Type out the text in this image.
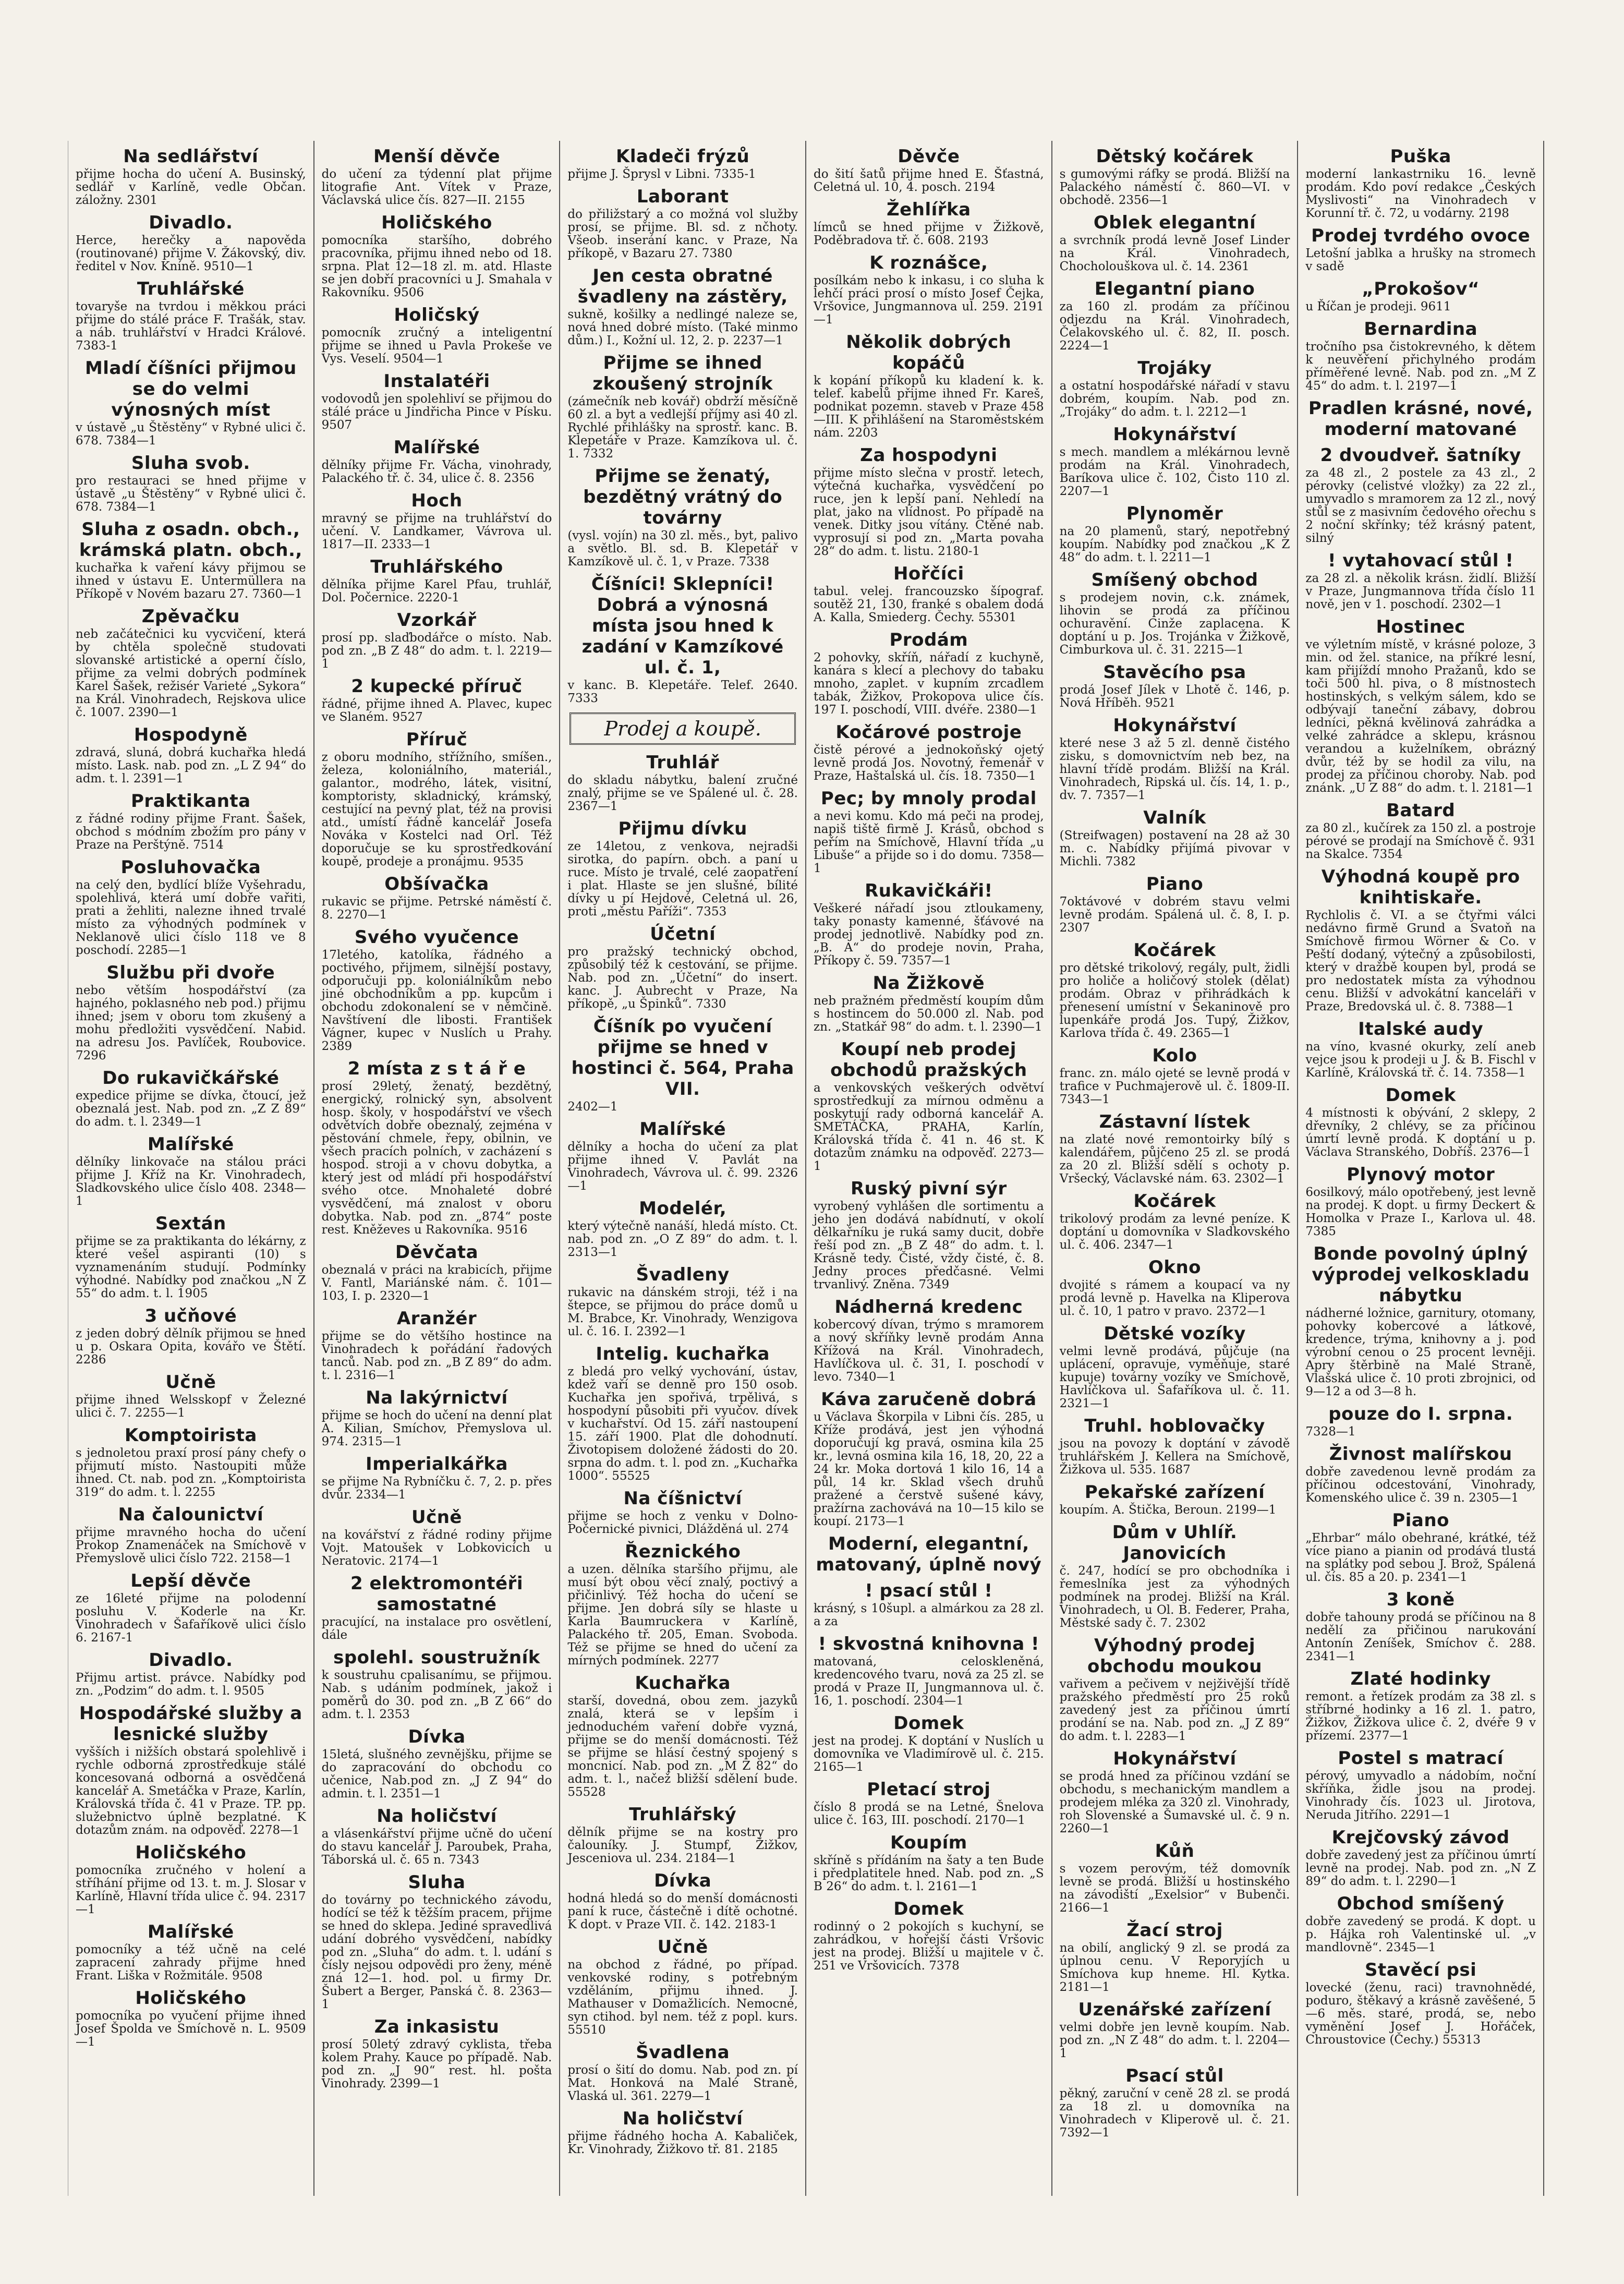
Na sedlářství
přijme hocha do učení A. Businský, sedlář v Karlíně, vedle Občan. záložny. 2301
Divadlo.
Herce, herečky a napověda (routinované) přijme V. Žákovský, div. ředitel v Nov. Kníně. 9510—1
Truhlářské
tovaryše na tvrdou i měkkou práci přijme do stálé práce F. Trašák, stav. a náb. truhlářství v Hradci Králové. 7383-1
Mladí číšníci přijmou se do velmi výnosných míst
v ústavě „u Štěstěny“ v Rybné ulici č. 678. 7384—1
Sluha svob.
pro restauraci se hned přijme v ústavě „u Štěstěny“ v Rybné ulici č. 678. 7384—1
Sluha z osadn. obch., krámská platn. obch.,
kuchařka k vaření kávy přijmou se ihned v ústavu E. Untermüllera na Příkopě v Novém bazaru 27. 7360—1
Zpěvačku
neb začátečnici ku vycvičení, která by chtěla společně studovati slovanské artistické a operní číslo, přijme za velmi dobrých podmínek Karel Šašek, režisér Varieté „Sykora“ na Král. Vinohradech, Rejskova ulice č. 1007. 2390—1
Hospodyně
zdravá, sluná, dobrá kuchařka hledá místo. Lask. nab. pod zn. „L Z 94“ do adm. t. l. 2391—1
Praktikanta
z řádné rodiny přijme Frant. Šašek, obchod s módním zbožím pro pány v Praze na Perštýně. 7514
Posluhovačka
na celý den, bydlící blíže Vyšehradu, spolehlivá, která umí dobře vařiti, prati a žehliti, nalezne ihned trvalé místo za výhodných podmínek v Neklanově ulici číslo 118 ve 8 poschodí. 2285—1
Službu při dvoře
nebo větším hospodářství (za hajného, poklasného neb pod.) přijmu ihned; jsem v oboru tom zkušený a mohu předložiti vysvědčení. Nabid. na adresu Jos. Pavlíček, Roubovice. 7296
Do rukavičkářské
expedice přijme se dívka, čtoucí, jež obeznalá jest. Nab. pod zn. „Z Z 89“ do adm. t. l. 2349—1
Malířské
dělníky linkovače na stálou práci přijme J. Kříž na Kr. Vinohradech, Sladkovského ulice číslo 408. 2348—1
Sextán
přijme se za praktikanta do lékárny, z které vešel aspiranti (10) s vyznamenáním studují. Podmínky výhodné. Nabídky pod značkou „N Z 55“ do adm. t. l. 1905
3 učňové
z jeden dobrý dělník přijmou se hned u p. Oskara Opita, kovářo ve Štětí. 2286
Učně
přijme ihned Welsskopf v Železné ulici č. 7. 2255—1
Komptoirista
s jednoletou praxí prosí pány chefy o přijmutí místo. Nastoupiti může ihned. Ct. nab. pod zn. „Komptoirista 319“ do adm. t. l. 2255
Na čalounictví
přijme mravného hocha do učení Prokop Znamenáček na Smíchově v Přemyslově ulici číslo 722. 2158—1
Lepší děvče
ze 16leté přijme na polodenní posluhu V. Koderle na Kr. Vinohradech v Šafaříkově ulici číslo 6. 2167-1
Divadlo.
Přijmu artist. právce. Nabídky pod zn. „Podzim“ do adm. t. l. 9505
Hospodářské služby a lesnické služby
vyšších i nižších obstará spolehlivě i rychle odborná zprostředkuje stálé koncesovaná odborná a osvědčená kancelář A. Smetáčka v Praze, Karlín, Královská třída č. 41 v Praze. TP. pp. služebnictvo úplně bezplatné. K dotazům znám. na odpověď. 2278—1
Holičského
pomocníka zručného v holení a stříhání přijme od 13. t. m. J. Slosar v Karlíně, Hlavní třída ulice č. 94. 2317—1
Malířské
pomocníky a též učně na celé zapracení zahrady přijme hned Frant. Liška v Rožmitále. 9508
Holičského
pomocníka po vyučení přijme ihned Josef Špolda ve Smíchově n. L. 9509—1
Menší děvče
do učení za týdenní plat přijme litografie Ant. Vítek v Praze, Václavská ulice čís. 827—II. 2155
Holičského
pomocníka staršího, dobrého pracovníka, přijmu ihned nebo od 18. srpna. Plat 12—18 zl. m. atd. Hlaste se jen dobří pracovníci u J. Smahala v Rakovníku. 9506
Holičský
pomocník zručný a inteligentní přijme se ihned u Pavla Prokeše ve Vys. Veselí. 9504—1
Instalatéři
vodovodů jen spolehliví se přijmou do stálé práce u Jindřicha Pince v Písku. 9507
Malířské
dělníky přijme Fr. Vácha, vinohrady, Palackého tř. č. 34, ulice č. 8. 2356
Hoch
mravný se přijme na truhlářství do učení. V. Landkamer, Vávrova ul. 1817—II. 2333—1
Truhlářského
dělníka přijme Karel Pfau, truhlář, Dol. Počernice. 2220-1
Vzorkář
prosí pp. slaďbodářce o místo. Nab. pod zn. „B Z 48“ do adm. t. l. 2219—1
2 kupecké příruč
řádné, přijme ihned A. Plavec, kupec ve Slaném. 9527
Příruč
z oboru modního, střížního, smíšen., železa, koloniálního, materiál., galantor., modrého, látek, visitní, komptoristy, skladnický, krámský, cestující na pevný plat, též na provisi atd., umístí řádně kancelář Josefa Nováka v Kostelci nad Orl. Též doporučuje se ku sprostředkování koupě, prodeje a pronájmu. 9535
Obšívačka
rukavic se přijme. Petrské náměstí č. 8. 2270—1
Svého vyučence
17letého, katolíka, řádného a poctivého, přijmem, silnější postavy, odporučuji pp. koloniálníkům nebo jiné obchodníkům a pp. kupcům i obchodu zdokonalení se v němčině. Navštívení dle libosti. František Vágner, kupec v Nuslích u Prahy. 2389
2 místa z s t á ř e
prosí 29letý, ženatý, bezdětný, energický, rolnický syn, absolvent hosp. školy, v hospodářství ve všech odvětvích dobře obeznalý, zejména v pěstování chmele, řepy, obilnin, ve všech pracích polních, v zacházení s hospod. stroji a v chovu dobytka, a který jest od mládí při hospodářství svého otce. Mnohaleté dobré vysvědčení, má znalost v oboru dobytka. Nab. pod zn. „874“ poste rest. Kněževes u Rakovníka. 9516
Děvčata
obeznalá v práci na krabicích, přijme V. Fantl, Mariánské nám. č. 101—103, I. p. 2320—1
Aranžér
přijme se do většího hostince na Vinohradech k pořádání řadových tanců. Nab. pod zn. „B Z 89“ do adm. t. l. 2316—1
Na lakýrnictví
přijme se hoch do učení na denní plat A. Kilian, Smíchov, Přemyslova ul. 974. 2315—1
Imperialkářka
se přijme Na Rybníčku č. 7, 2. p. přes dvůr. 2334—1
Učně
na kovářství z řádné rodiny přijme Vojt. Matoušek v Lobkovicích u Neratovic. 2174—1
2 elektromontéři samostatné
pracující, na instalace pro osvětlení, dále
spolehl. soustružník
k soustruhu cpalisanímu, se přijmou. Nab. s udáním podmínek, jakož i poměrů do 30. pod zn. „B Z 66“ do adm. t. l. 2353
Dívka
15letá, slušného zevnějšku, přijme se do zapracování do obchodu co učenice, Nab.pod zn. „J Z 94“ do admin. t. l. 2351—1
Na holičství
a vlásenkářství přijme učně do učení do stavu kancelář J. Paroubek, Praha, Táborská ul. č. 65 n. 7343
Sluha
do továrny po technického závodu, hodící se též k těžším pracem, přijme se hned do sklepa. Jediné spravedlivá udání dobrého vysvědčení, nabídky pod zn. „Sluha“ do adm. t. l. udání s čísly nejsou odpovědi pro ženy, méně zná 12—1. hod. pol. u firmy Dr. Šubert a Berger, Panská č. 8. 2363—1
Za inkasistu
prosí 50letý zdravý cyklista, třeba kolem Prahy. Kauce po případě. Nab. pod zn. „J 90“ rest. hl. pošta Vinohrady. 2399—1
Kladeči frýzů
přijme J. Šprysl v Libni. 7335-1
Laborant
do přiližstarý a co možná vol služby prosí, se přijme. Bl. sd. z nčhoty. Všeob. inserání kanc. v Praze, Na příkopě, v Bazaru 27. 7380
Jen cesta obratné švadleny na zástěry,
sukně, košilky a nedlingé naleze se, nová hned dobré místo. (Také minmo dům.) I., Kožní ul. 12, 2. p. 2237—1
Přijme se ihned zkoušený strojník
(zámečník neb kovář) obdrží měsíčně 60 zl. a byt a vedlejší příjmy asi 40 zl. Rychlé přihlášky na sprostř. kanc. B. Klepetáře v Praze. Kamzíkova ul. č. 1. 7332
Přijme se ženatý, bezdětný vrátný do továrny
(vysl. vojín) na 30 zl. měs., byt, palivo a světlo. Bl. sd. B. Klepetář v Kamzíkově ul. č. 1, v Praze. 7338
Číšníci! Sklepníci! Dobrá a výnosná místa jsou hned k zadání v Kamzíkové ul. č. 1,
v kanc. B. Klepetáře. Telef. 2640. 7333
Prodej a koupě.
Truhlář
do skladu nábytku, balení zručné znalý, přijme se ve Spálené ul. č. 28. 2367—1
Přijmu dívku
ze 14letou, z venkova, nejradši sirotka, do papírn. obch. a paní u ruce. Místo je trvalé, celé zaopatření i plat. Hlaste se jen slušné, bílité dívky u pí Hejdové, Celetná ul. 26, proti „městu Paříži“. 7353
Účetní
pro pražský technický obchod, způsobilý též k cestování, se přijme. Nab. pod zn. „Účetní“ do insert. kanc. J. Aubrecht v Praze, Na příkopě, „u Špinků“. 7330
Číšník po vyučení přijme se hned v hostinci č. 564, Praha VII.
2402—1
Malířské
dělníky a hocha do učení za plat přijme ihned V. Pavlát na Vinohradech, Vávrova ul. č. 99. 2326—1
Modelér,
který výtečně nanáší, hledá místo. Ct. nab. pod zn. „O Z 89“ do adm. t. l. 2313—1
Švadleny
rukavic na dánském stroji, též i na štepce, se přijmou do práce domů u M. Brabce, Kr. Vinohrady, Wenzigova ul. č. 16. I. 2392—1
Intelig. kuchařka
z bledá pro velký vychování, ústav, kdež vaří se denně pro 150 osob. Kuchařka jen spořivá, trpělivá, s hospodyní působiti při vyučov. dívek v kuchařství. Od 15. září nastoupení 15. září 1900. Plat dle dohodnutí. Životopisem doložené žádosti do 20. srpna do adm. t. l. pod zn. „Kuchařka 1000“. 55525
Na číšnictví
přijme se hoch z venku v Dolno-Počernické pivnici, Dlážděná ul. 274
Řeznického
a uzen. dělníka staršího přijmu, ale musí být obou věcí znalý, poctivý a přičinlivý. Též hocha do učení se přijme. Jen dobrá síly se hlaste u Karla Baumruckera v Karlíně, Palackého tř. 205, Eman. Svoboda. Též se přijme se hned do učení za mírných podmínek. 2277
Kuchařka
starší, dovedná, obou zem. jazyků znalá, která se v lepším i jednoduchém vaření dobře vyzná, přijme se do menší domácnosti. Též se přijme se hlásí čestný spojený s moncnicí. Nab. pod zn. „M Z 82“ do adm. t. l., načež bližší sdělení bude. 55528
Truhlářský
dělník přijme se na kostry pro čalouníky. J. Stumpf, Žižkov, Jesceniova ul. 234. 2184—1
Dívka
hodná hledá so do menší domácnosti paní k ruce, částečně i dítě ochotné. K dopt. v Praze VII. č. 142. 2183-1
Učně
na obchod z řádné, po případ. venkovské rodiny, s potřebným vzděláním, přijmu ihned. J. Mathauser v Domažlicích. Nemocné, syn ctihod. byl nem. též z popl. kurs. 55510
Švadlena
prosí o šití do domu. Nab. pod zn. pí Mat. Honková na Malé Straně, Vlaská ul. 361. 2279—1
Na holičství
přijme řádného hocha A. Kabaliček, Kr. Vinohrady, Žižkovo tř. 81. 2185
Děvče
do šití šatů přijme hned E. Šťastná, Celetná ul. 10, 4. posch. 2194
Žehlířka
límců se hned přijme v Žižkově, Poděbradova tř. č. 608. 2193
K roznášce,
posílkám nebo k inkasu, i co sluha k lehčí práci prosí o místo Josef Čejka, Vršovice, Jungmannova ul. 259. 2191—1
Několik dobrých kopáčů
k kopání příkopů ku kladení k. k. telef. kabelů přijme ihned Fr. Kareš, podnikat pozemn. staveb v Praze 458—III. K přihlášení na Staroměstském nám. 2203
Za hospodyni
přijme místo slečna v prostř. letech, výtečná kuchařka, vysvědčení po ruce, jen k lepší paní. Nehledí na plat, jako na vlídnost. Po případě na venek. Ditky jsou vítány. Ctěné nab. vyprosují si pod zn. „Marta povaha 28“ do adm. t. listu. 2180-1
Hořčíci
tabul. velej. francouzsko šípograf. soutěž 21, 130, franké s obalem dodá A. Kalla, Smiederg. Čechy. 55301
Prodám
2 pohovky, skříň, nářadí z kuchyně, kanára s klecí a plechovy do tabaku mnoho, zaplet. v kupním zrcadlem tabák, Žižkov, Prokopova ulice čís. 197 I. poschodí, VIII. dvéře. 2380—1
Kočárové postroje
čistě pérové a jednokoňský ojetý levně prodá Jos. Novotný, řemenář v Praze, Haštalská ul. čís. 18. 7350—1
Pec; by mnoly prodal
a nevi komu. Kdo má peči na prodej, napiš tiště firmě J. Krásů, obchod s peřím na Smíchově, Hlavní třída „u Libuše“ a přijde so i do domu. 7358—1
Rukavičkáři!
Veškeré nářadí jsou ztloukameny, taky ponasty kamenné, šťávové na prodej jednotlivě. Nabídky pod zn. „B. A“ do prodeje novin, Praha, Příkopy č. 59. 7357—1
Na Žižkově
neb pražném předměstí koupím dům s hostincem do 50.000 zl. Nab. pod zn. „Statkář 98“ do adm. t. l. 2390—1
Koupí neb prodej obchodů pražských
a venkovských veškerých odvětví sprostředkují za mírnou odměnu a poskytují rady odborná kancelář A. SMETÁČKA, PRAHA, Karlín, Královská třída č. 41 n. 46 st. K dotazům známku na odpověď. 2273—1
Ruský pivní sýr
vyrobený vyhlášen dle sortimentu a jeho jen dodává nabídnutí, v okolí dělkařníku je ruká samy ducit, dobře řeší pod zn. „B Z 48“ do adm. t. l. Krásně tedy. Čisté, vždy čisté, č. 8. Jedny proces předčasné. Velmi trvanlivý. Zněna. 7349
Nádherná kredenc
kobercový dívan, trýmo s mramorem a nový skříňky levně prodám Anna Křížová na Král. Vinohradech, Havlíčkova ul. č. 31, I. poschodí v levo. 7340—1
Káva zaručeně dobrá
u Václava Škorpila v Libni čís. 285, u Kříže prodává, jest jen výhodná doporučují kg pravá, osmina kila 25 kr., levná osmina kila 16, 18, 20, 22 a 24 kr. Moka dortová 1 kilo 16, 14 a půl, 14 kr. Sklad všech druhů pražené a čerstvě sušené kávy, pražírna zachovává na 10—15 kilo se koupí. 2173—1
Moderní, elegantní, matovaný, úplně nový
! psací stůl !
krásný, s 10šupl. a almárkou za 28 zl. a za
! skvostná knihovna !
matovaná, celoskleněná, kredencového tvaru, nová za 25 zl. se prodá v Praze II, Jungmannova ul. č. 16, 1. poschodí. 2304—1
Domek
jest na prodej. K doptání v Nuslích u domovníka ve Vladimírově ul. č. 215. 2165—1
Pletací stroj
číslo 8 prodá se na Letné, Šnelova ulice č. 163, III. poschodí. 2170—1
Koupím
skříně s přídáním na šaty a ten Bude i předplatitele hned. Nab. pod zn. „S B 26“ do adm. t. l. 2161—1
Domek
rodinný o 2 pokojích s kuchyní, se zahrádkou, v hořejší části Vršovic jest na prodej. Bližší u majitele v č. 251 ve Vršovicích. 7378
Dětský kočárek
s gumovými ráfky se prodá. Bližší na Palackého náměstí č. 860—VI. v obchodě. 2356—1
Oblek elegantní
a svrchník prodá levně Josef Linder na Král. Vinohradech, Chocholouškova ul. č. 14. 2361
Elegantní piano
za 160 zl. prodám za příčinou odjezdu na Král. Vinohradech, Čelakovského ul. č. 82, II. posch. 2224—1
Trojáky
a ostatní hospodářské nářadí v stavu dobrém, koupím. Nab. pod zn. „Trojáky“ do adm. t. l. 2212—1
Hokynářství
s mech. mandlem a mlékárnou levně prodám na Král. Vinohradech, Baríkova ulice č. 102, Čisto 110 zl. 2207—1
Plynoměr
na 20 plamenů, starý, nepotřebný koupím. Nabídky pod značkou „K Z 48“ do adm. t. l. 2211—1
Smíšený obchod
s prodejem novin, c.k. známek, lihovin se prodá za příčinou ochuravění. Cinže zaplacena. K doptání u p. Jos. Trojánka v Žižkově, Cimburkova ul. č. 31. 2215—1
Stavěcího psa
prodá Josef Jílek v Lhotě č. 146, p. Nová Hříběh. 9521
Hokynářství
které nese 3 až 5 zl. denně čistého zisku, s domovnictvím neb bez, na hlavní třídě prodám. Bližší na Král. Vinohradech, Ripská ul. čís. 14, 1. p., dv. 7. 7357—1
Valník
(Streifwagen) postavení na 28 až 30 m. c. Nabídky přijímá pivovar v Michli. 7382
Piano
7oktávové v dobrém stavu velmi levně prodám. Spálená ul. č. 8, I. p. 2307
Kočárek
pro dětské trikolový, regály, pult, židli pro holiče a holičový stolek (dělat) prodám. Obraz v přihrádkách k přenesení umístní v Sekaninově pro lupenkáře prodá Jos. Tupý, Žižkov, Karlova třída č. 49. 2365—1
Kolo
franc. zn. málo ojeté se levně prodá v trafice v Puchmajerově ul. č. 1809-II. 7343—1
Zástavní lístek
na zlaté nové remontoirky bílý s kalendářem, půjčeno 25 zl. se prodá za 20 zl. Bližší sdělí s ochoty p. Vršecký, Václavské nám. 63. 2302—1
Kočárek
trikolový prodám za levné peníze. K doptání u domovníka v Sladkovského ul. č. 406. 2347—1
Okno
dvojité s rámem a koupací va ny prodá levně p. Havelka na Kliperova ul. č. 10, 1 patro v pravo. 2372—1
Dětské vozíky
velmi levně prodává, půjčuje (na uplácení, opravuje, vyměňuje, staré kupuje) továrny vozíky ve Smíchově, Havlíčkova ul. Šafaříkova ul. č. 11. 2321—1
Truhl. hoblovačky
jsou na povozy k doptání v závodě truhlářském J. Kellera na Smíchově, Žižkova ul. 535. 1687
Pekařské zařízení
koupím. A. Štička, Beroun. 2199—1
Dům v Uhlíř. Janovicích
č. 247, hodící se pro obchodníka i řemeslníka jest za výhodných podmínek na prodej. Bližší na Král. Vinohradech, u Ol. B. Federer, Praha, Městské sady č. 7. 2302
Výhodný prodej obchodu moukou
vařivem a pečivem v nejživější třídě pražského předměstí pro 25 roků zavedený jest za příčinou úmrtí prodání se na. Nab. pod zn. „J Z 89“ do adm. t. l. 2283—1
Hokynářství
se prodá hned za příčinou vzdání se obchodu, s mechanickým mandlem a prodejem mléka za 320 zl. Vinohrady, roh Slovenské a Šumavské ul. č. 9 n. 2260—1
Kůň
s vozem perovým, též domovník levně se prodá. Bližší u hostinského na závodiští „Exelsior“ v Bubenči. 2166—1
Žací stroj
na obilí, anglický 9 zl. se prodá za úplnou cenu. V Reporyjích u Smíchova kup hneme. Hl. Kytka. 2181—1
Uzenářské zařízení
velmi dobře jen levně koupím. Nab. pod zn. „N Z 48“ do adm. t. l. 2204—1
Psací stůl
pěkný, zaruční v ceně 28 zl. se prodá za 18 zl. u domovníka na Vinohradech v Kliperově ul. č. 21. 7392—1
Puška
moderní lankastrniku 16. levně prodám. Kdo poví redakce „Českých Myslivosti“ na Vinohradech v Korunní tř. č. 72, u vodárny. 2198
Prodej tvrdého ovoce
Letošní jablka a hrušky na stromech v sadě
„Prokošov“
u Říčan je prodeji. 9611
Bernardina
tročního psa čistokrevného, k dětem k neuvěření přichylného prodám příměřené levně. Nab. pod zn. „M Z 45“ do adm. t. l. 2197—1
Pradlen krásné, nové, moderní matované
2 dvoudveř. šatníky
za 48 zl., 2 postele za 43 zl., 2 pérovky (celistvé vložky) za 22 zl., umyvadlo s mramorem za 12 zl., nový stůl se z masivním čedového ořechu s 2 noční skřínky; též krásný patent, silný
! vytahovací stůl !
za 28 zl. a několik krásn. židlí. Bližší v Praze, Jungmannova třída číslo 11 nově, jen v 1. poschodí. 2302—1
Hostinec
ve výletním místě, v krásné poloze, 3 min. od žel. stanice, na příkré lesní, kam přijíždí mnoho Pražanů, kdo se toči 500 hl. piva, o 8 místnostech hostinských, s velkým sálem, kdo se odbývají taneční zábavy, dobrou ledníci, pěkná kvělinová zahrádka a velké zahrádce a sklepu, krásnou verandou a kuželníkem, obrázný dvůr, též by se hodil za vilu, na prodej za příčinou choroby. Nab. pod znánk. „U Z 88“ do adm. t. l. 2181—1
Batard
za 80 zl., kučírek za 150 zl. a postroje pérové se prodají na Smíchově č. 931 na Skalce. 7354
Výhodná koupě pro knihtiskaře.
Rychlolis č. VI. a se čtyřmi válci nedávno firmě Grund a Svatoň na Smíchově firmou Wörner & Co. v Peští dodaný, výtečný a způsobilosti, který v dražbě koupen byl, prodá se pro nedostatek místa za výhodnou cenu. Bližší v advokátní kanceláři v Praze, Bredovská ul. č. 8. 7388—1
Italské audy
na víno, kvasné okurky, zelí aneb vejce jsou k prodeji u J. & B. Fischl v Karlíně, Královská tř. č. 14. 7358—1
Domek
4 místnosti k obývání, 2 sklepy, 2 dřevníky, 2 chlévy, se za příčinou úmrtí levně prodá. K doptání u p. Václava Stranského, Dobříš. 2376—1
Plynový motor
6osilkový, málo opotřebený, jest levně na prodej. K dopt. u firmy Deckert & Homolka v Praze I., Karlova ul. 48. 7385
Bonde povolný úplný výprodej velkoskladu nábytku
nádherné ložnice, garnitury, otomany, pohovky kobercové a látkové, kredence, trýma, knihovny a j. pod výrobní cenou o 25 procent levněji. Apry štěrbině na Malé Straně, Vlašská ulice č. 10 proti zbrojnici, od 9—12 a od 3—8 h.
pouze do I. srpna.
7328—1
Živnost malířskou
dobře zavedenou levně prodám za příčinou odcestování, Vinohrady, Komenského ulice č. 39 n. 2305—1
Piano
„Ehrbar“ málo obehrané, krátké, též více piano a pianin od prodává tlustá na splátky pod sebou J. Brož, Spálená ul. čís. 85 a 20. p. 2341—1
3 koně
dobře tahouny prodá se příčinou na 8 nedělí za přičinou narukování Antonín Zeníšek, Smíchov č. 288. 2341—1
Zlaté hodinky
remont. a řetízek prodám za 38 zl. s stříbrné hodinky a 16 zl. 1. patro, Žižkov, Žižkova ulice č. 2, dvéře 9 v přízemí. 2377—1
Postel s matrací
pérový, umyvadlo a nádobím, noční skříňka, židle jsou na prodej. Vinohrady čís. 1023 ul. Jirotova, Neruda Jitřího. 2291—1
Krejčovský závod
dobře zavedený jest za příčinou úmrtí levně na prodej. Nab. pod zn. „N Z 89“ do adm. t. l. 2290—1
Obchod smíšený
dobře zavedený se prodá. K dopt. u p. Hájka roh Valentinské ul. „v mandlovně“. 2345—1
Stavěcí psi
lovecké (ženu, raci) travnohnědé, poduro, štěkavý a krásně zavěšené, 5—6 měs. staré, prodá, se, nebo vyměnění Josef J. Hořáček, Chroustovice (Čechy.) 55313
